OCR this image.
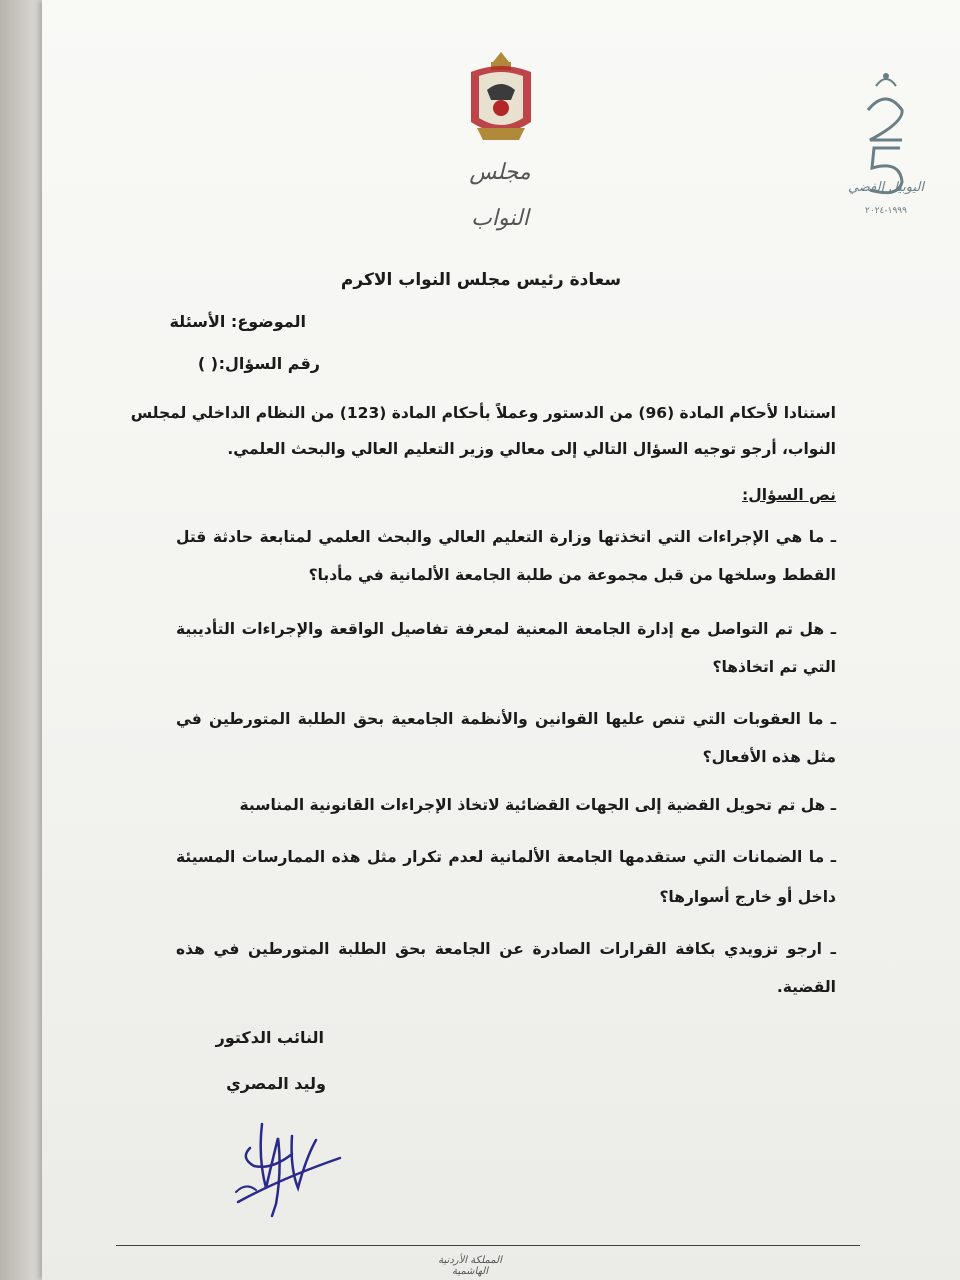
مجلس النواب
اليوبيل الفضي
١٩٩٩-٢٠٢٤
سعادة رئيس مجلس النواب الاكرم
الموضوع: الأسئلة
رقم السؤال:
( )
استنادا لأحكام المادة (96) من الدستور وعملاً بأحكام المادة (123) من النظام الداخلي لمجلس
النواب، أرجو توجيه السؤال التالي إلى معالي وزير التعليم العالي والبحث العلمي.
نص السؤال:
ـ ما هي الإجراءات التي اتخذتها وزارة التعليم العالي والبحث العلمي لمتابعة حادثة قتل
القطط وسلخها من قبل مجموعة من طلبة الجامعة الألمانية في مأدبا؟
ـ هل تم التواصل مع إدارة الجامعة المعنية لمعرفة تفاصيل الواقعة والإجراءات التأديبية
التي تم اتخاذها؟
ـ ما العقوبات التي تنص عليها القوانين والأنظمة الجامعية بحق الطلبة المتورطين في
مثل هذه الأفعال؟
ـ هل تم تحويل القضية إلى الجهات القضائية لاتخاذ الإجراءات القانونية المناسبة
ـ ما الضمانات التي ستقدمها الجامعة الألمانية لعدم تكرار مثل هذه الممارسات المسيئة
داخل أو خارج أسوارها؟
ـ ارجو تزويدي بكافة القرارات الصادرة عن الجامعة بحق الطلبة المتورطين في هذه
القضية.
النائب الدكتور
وليد المصري
المملكة الأردنية الهاشمية
